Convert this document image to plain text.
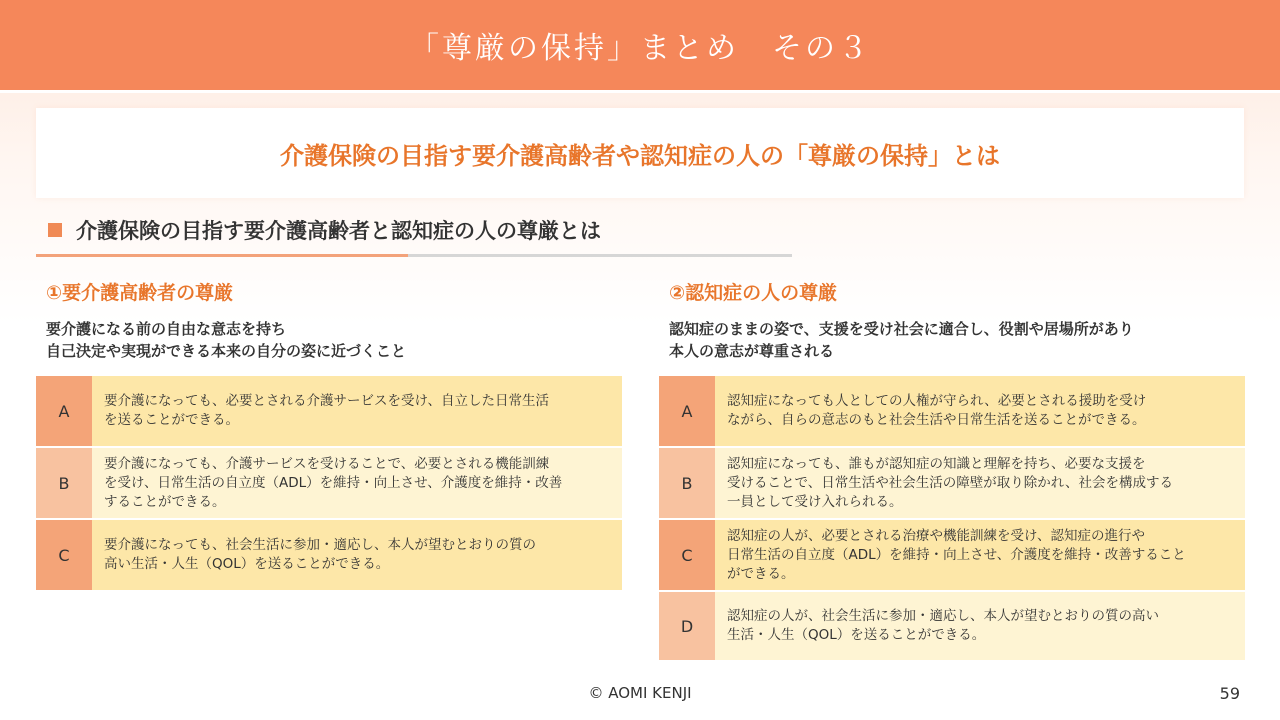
「尊厳の保持」まとめ　その３
介護保険の目指す要介護高齢者や認知症の人の「尊厳の保持」とは
介護保険の目指す要介護高齢者と認知症の人の尊厳とは
①要介護高齢者の尊厳
要介護になる前の自由な意志を持ち
自己決定や実現ができる本来の自分の姿に近づくこと
A
要介護になっても、必要とされる介護サービスを受け、自立した日常生活
を送ることができる。
B
要介護になっても、介護サービスを受けることで、必要とされる機能訓練
を受け、日常生活の自立度（ADL）を維持・向上させ、介護度を維持・改善
することができる。
C
要介護になっても、社会生活に参加・適応し、本人が望むとおりの質の
高い生活・人生（QOL）を送ることができる。
②認知症の人の尊厳
認知症のままの姿で、支援を受け社会に適合し、役割や居場所があり
本人の意志が尊重される
A
認知症になっても人としての人権が守られ、必要とされる援助を受け
ながら、自らの意志のもと社会生活や日常生活を送ることができる。
B
認知症になっても、誰もが認知症の知識と理解を持ち、必要な支援を
受けることで、日常生活や社会生活の障壁が取り除かれ、社会を構成する
一員として受け入れられる。
C
認知症の人が、必要とされる治療や機能訓練を受け、認知症の進行や
日常生活の自立度（ADL）を維持・向上させ、介護度を維持・改善すること
ができる。
D
認知症の人が、社会生活に参加・適応し、本人が望むとおりの質の高い
生活・人生（QOL）を送ることができる。
© AOMI KENJI	59
